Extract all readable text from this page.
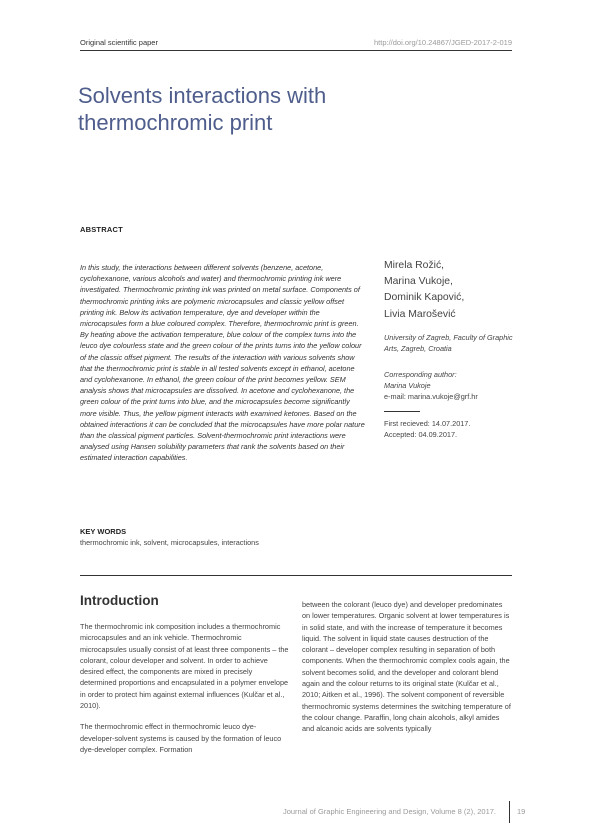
Original scientific paper	http://doi.org/10.24867/JGED-2017-2-019
Solvents interactions with thermochromic print
ABSTRACT
In this study, the interactions between different solvents (benzene, acetone, cyclohexanone, various alcohols and water) and thermochromic printing ink were investigated. Thermochromic printing ink was printed on metal surface. Components of thermochromic printing inks are polymeric microcapsules and classic yellow offset printing ink. Below its activation temperature, dye and developer within the microcapsules form a blue coloured complex. Therefore, thermochromic print is green. By heating above the activation temperature, blue colour of the complex turns into the leuco dye colourless state and the green colour of the prints turns into the yellow colour of the classic offset pigment. The results of the interaction with various solvents show that the thermochromic print is stable in all tested solvents except in ethanol, acetone and cyclohexanone. In ethanol, the green colour of the print becomes yellow. SEM analysis shows that microcapsules are dissolved. In acetone and cyclohexanone, the green colour of the print turns into blue, and the microcapsules become significantly more visible. Thus, the yellow pigment interacts with examined ketones. Based on the obtained interactions it can be concluded that the microcapsules have more polar nature than the classical pigment particles. Solvent-thermochromic print interactions were analysed using Hansen solubility parameters that rank the solvents based on their estimated interaction capabilities.
Mirela Rožić,
Marina Vukoje,
Dominik Kapović,
Livia Marošević
University of Zagreb, Faculty of Graphic Arts, Zagreb, Croatia
Corresponding author:
Marina Vukoje
e-mail: marina.vukoje@grf.hr
First recieved: 14.07.2017.
Accepted: 04.09.2017.
KEY WORDS
thermochromic ink, solvent, microcapsules, interactions
Introduction

The thermochromic ink composition includes a thermochromic microcapsules and an ink vehicle. Thermochromic microcapsules usually consist of at least three components – the colorant, colour developer and solvent. In order to achieve desired effect, the components are mixed in precisely determined proportions and encapsulated in a polymer envelope in order to protect him against external influences (Kulčar et al., 2010).

The thermochromic effect in thermochromic leuco dye-developer-solvent systems is caused by the formation of leuco dye-developer complex. Formation

between the colorant (leuco dye) and developer predominates on lower temperatures. Organic solvent at lower temperatures is in solid state, and with the increase of temperature it becomes liquid. The solvent in liquid state causes destruction of the colorant – developer complex resulting in separation of both components. When the thermochromic complex cools again, the solvent becomes solid, and the developer and colorant blend again and the colour returns to its original state (Kulčar et al., 2010; Aitken et al., 1996). The solvent component of reversible thermochromic systems determines the switching temperature of the colour change. Paraffin, long chain alcohols, alkyl amides and alcanoic acids are solvents typically

Journal of Graphic Engineering and Design, Volume 8 (2), 2017.	19
